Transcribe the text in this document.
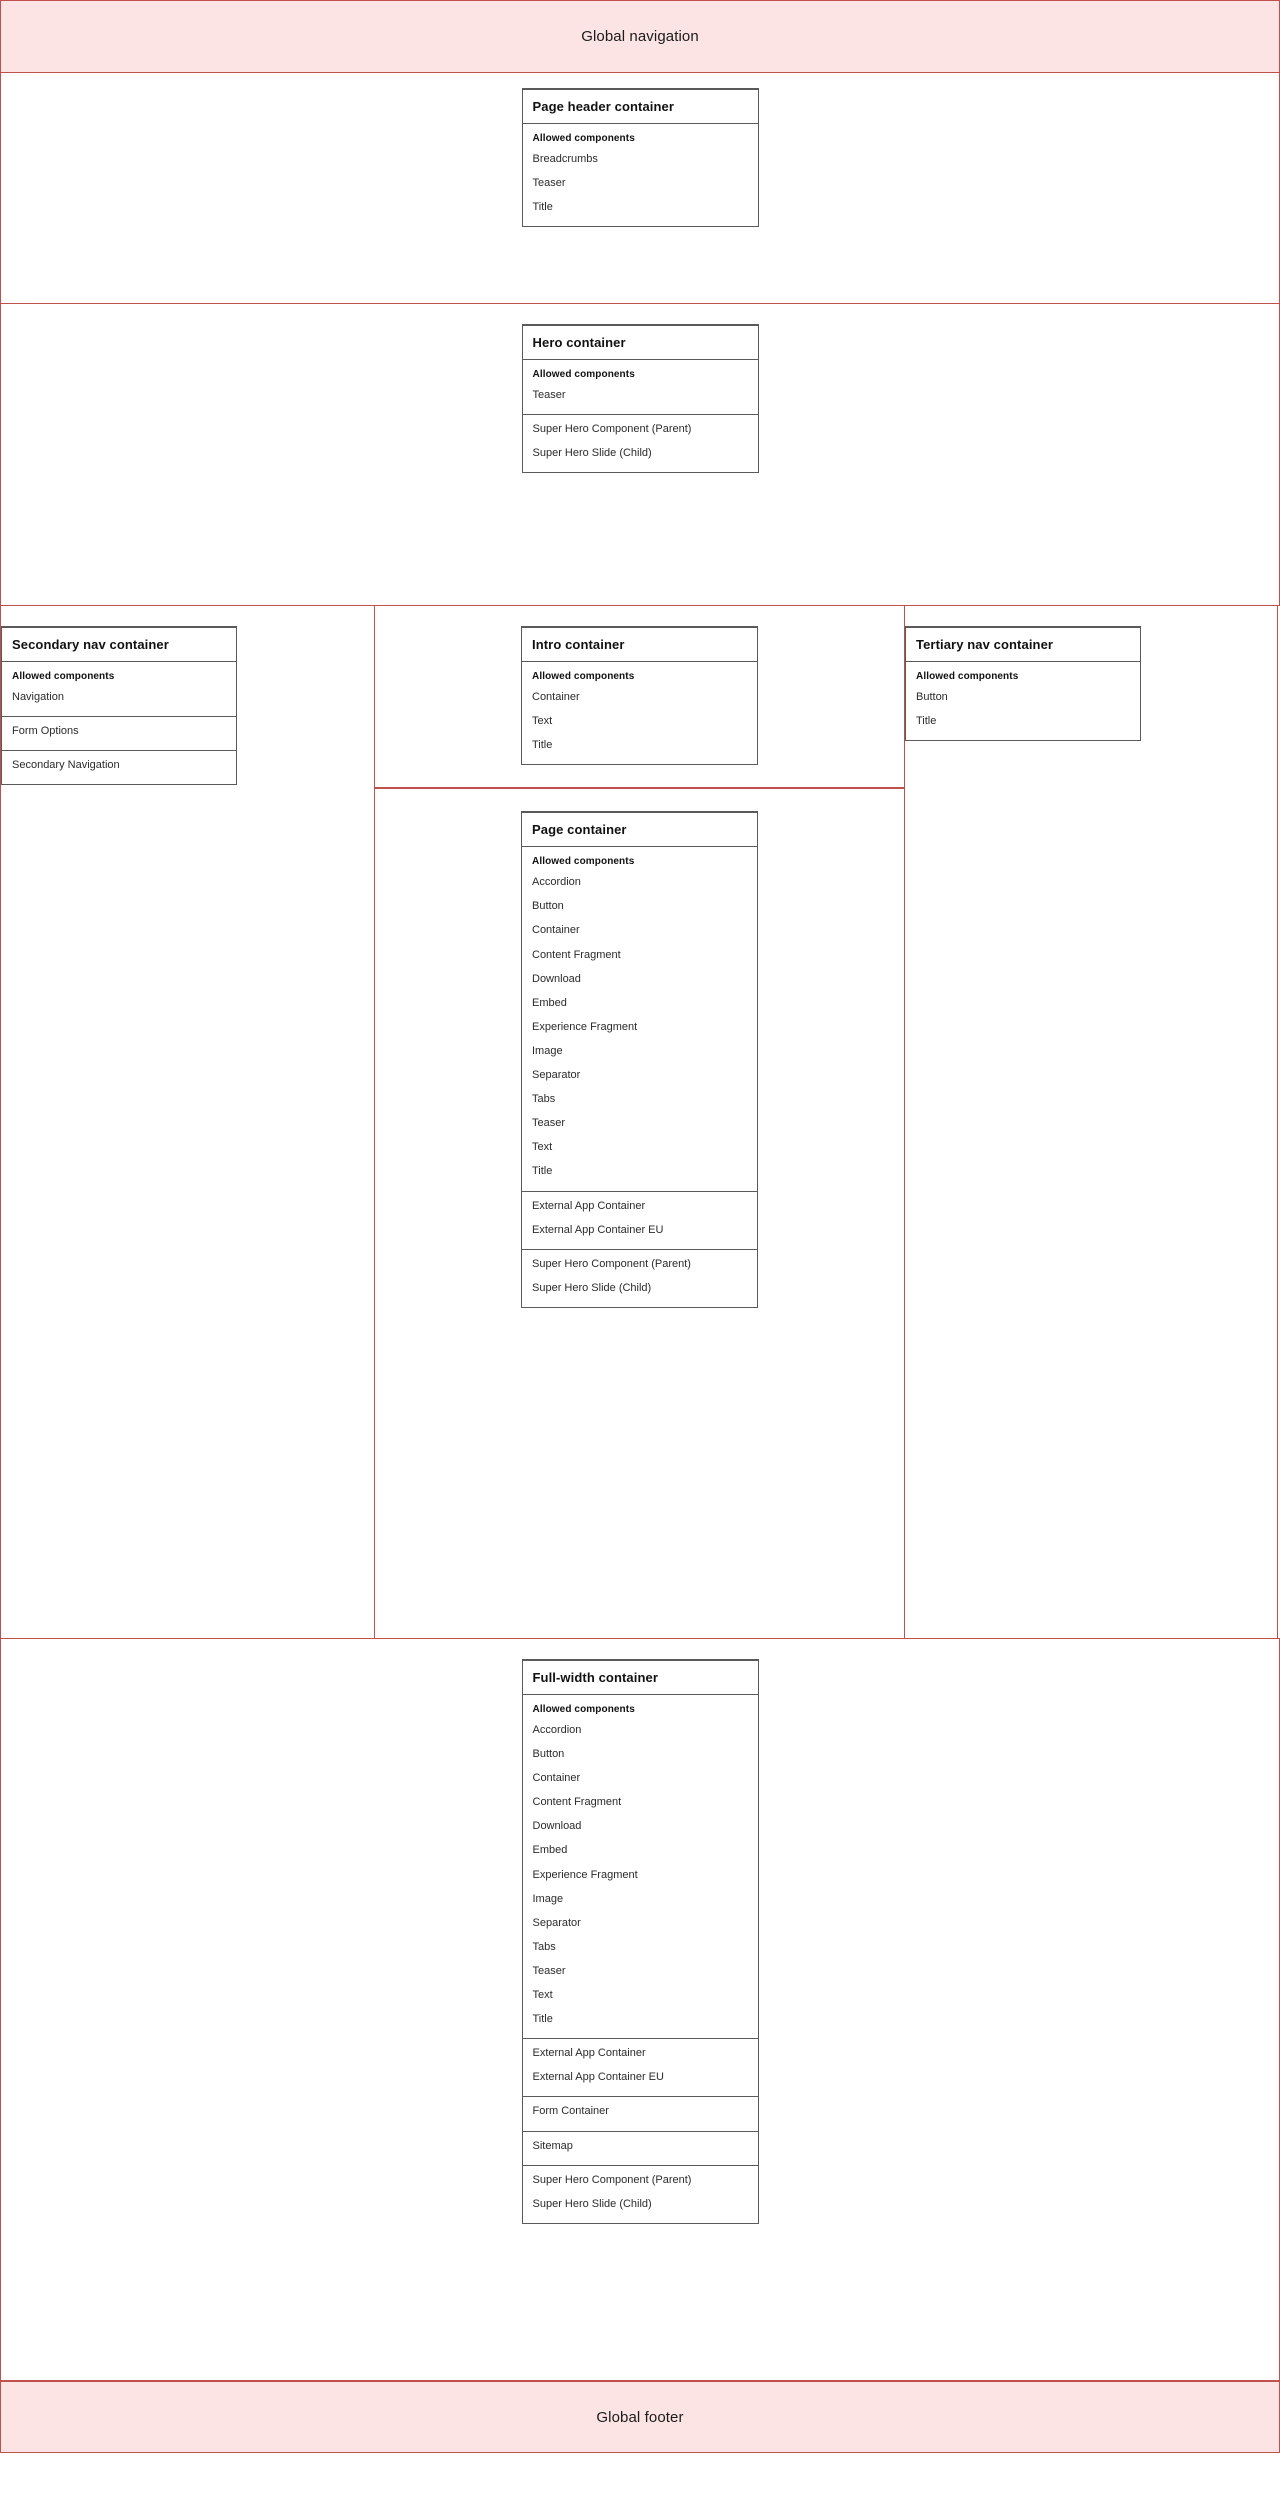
Global navigation
Page header container
Allowed components
Breadcrumbs
Teaser
Title
Hero container
Allowed components
Teaser
Super Hero Component (Parent)
Super Hero Slide (Child)
Secondary nav container
Allowed components
Navigation
Form Options
Secondary Navigation
Intro container
Allowed components
Container
Text
Title
Page container
Allowed components
Accordion
Button
Container
Content Fragment
Download
Embed
Experience Fragment
Image
Separator
Tabs
Teaser
Text
Title
External App Container
External App Container EU
Super Hero Component (Parent)
Super Hero Slide (Child)
Tertiary nav container
Allowed components
Button
Title
Full-width container
Allowed components
Accordion
Button
Container
Content Fragment
Download
Embed
Experience Fragment
Image
Separator
Tabs
Teaser
Text
Title
External App Container
External App Container EU
Form Container
Sitemap
Super Hero Component (Parent)
Super Hero Slide (Child)
Global footer
